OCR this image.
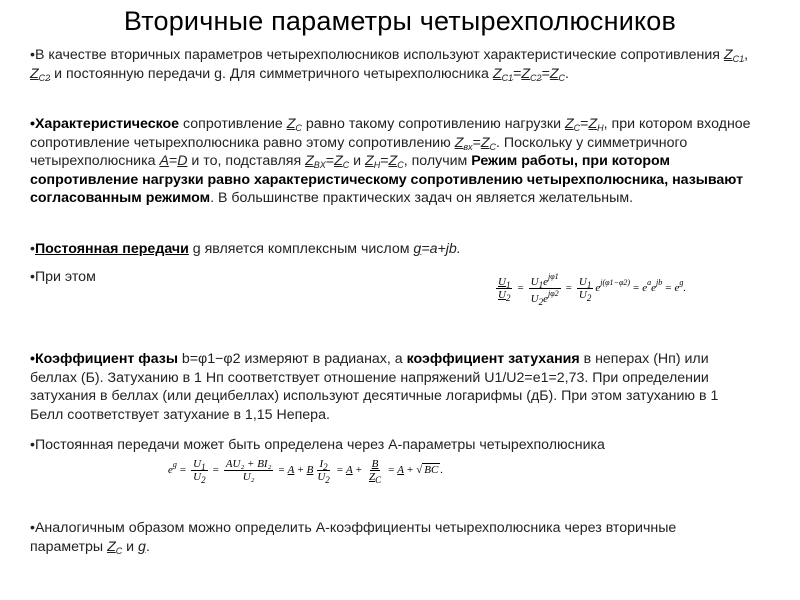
Вторичные параметры четырехполюсников
•В качестве вторичных параметров четырехполюсников используют характеристические сопротивления $Z_{C1}$, $Z_{C2}$ и постоянную передачи g. Для симметричного четырехполюсника $Z_{C1}=Z_{C2}=Z_C$.
•Характеристическое сопротивление $Z_C$ равно такому сопротивлению нагрузки $Z_C=Z_H$, при котором входное сопротивление четырехполюсника равно этому сопротивлению $Z_{вх}=Z_C$. Поскольку у симметричного четырехполюсника A=D и то, подставляя $Z_{BX}=Z_C$ и $Z_H=Z_C$, получим Режим работы, при котором сопротивление нагрузки равно характеристическому сопротивлению четырехполюсника, называют согласованным режимом. В большинстве практических задач он является желательным.
•Постоянная передачи g является комплексным числом g=a+jb.
•При этом	$\frac{U_1}{U_2} = \frac{U_1e^{j\varphi 1}}{U_2e^{j\varphi 2}} = \frac{U_1}{U_2} e^{j(\varphi 1-\varphi 2)} = e^ae^{jb} = e^g$.
•Коэффициент фазы b=φ1−φ2 измеряют в радианах, а коэффициент затухания в неперах (Нп) или беллах (Б). Затуханию в 1 Нп соответствует отношение напряжений U1/U2=e1=2,73. При определении затухания в беллах (или децибеллах) используют десятичные логарифмы (дБ). При этом затуханию в 1 Белл соответствует затухание в 1,15 Непера.
•Постоянная передачи может быть определена через А-параметры четырехполюсника
$e^g = \frac{U_1}{U_2} = \frac{\text{AU₂ + BI₂}}{\text{U₂}} = A + B \frac{I_2}{U_2} = A + \frac{B}{Z_C} = A$ + √ BC .
•Аналогичным образом можно определить А-коэффициенты четырехполюсника через вторичные параметры $Z_C$ и g.
